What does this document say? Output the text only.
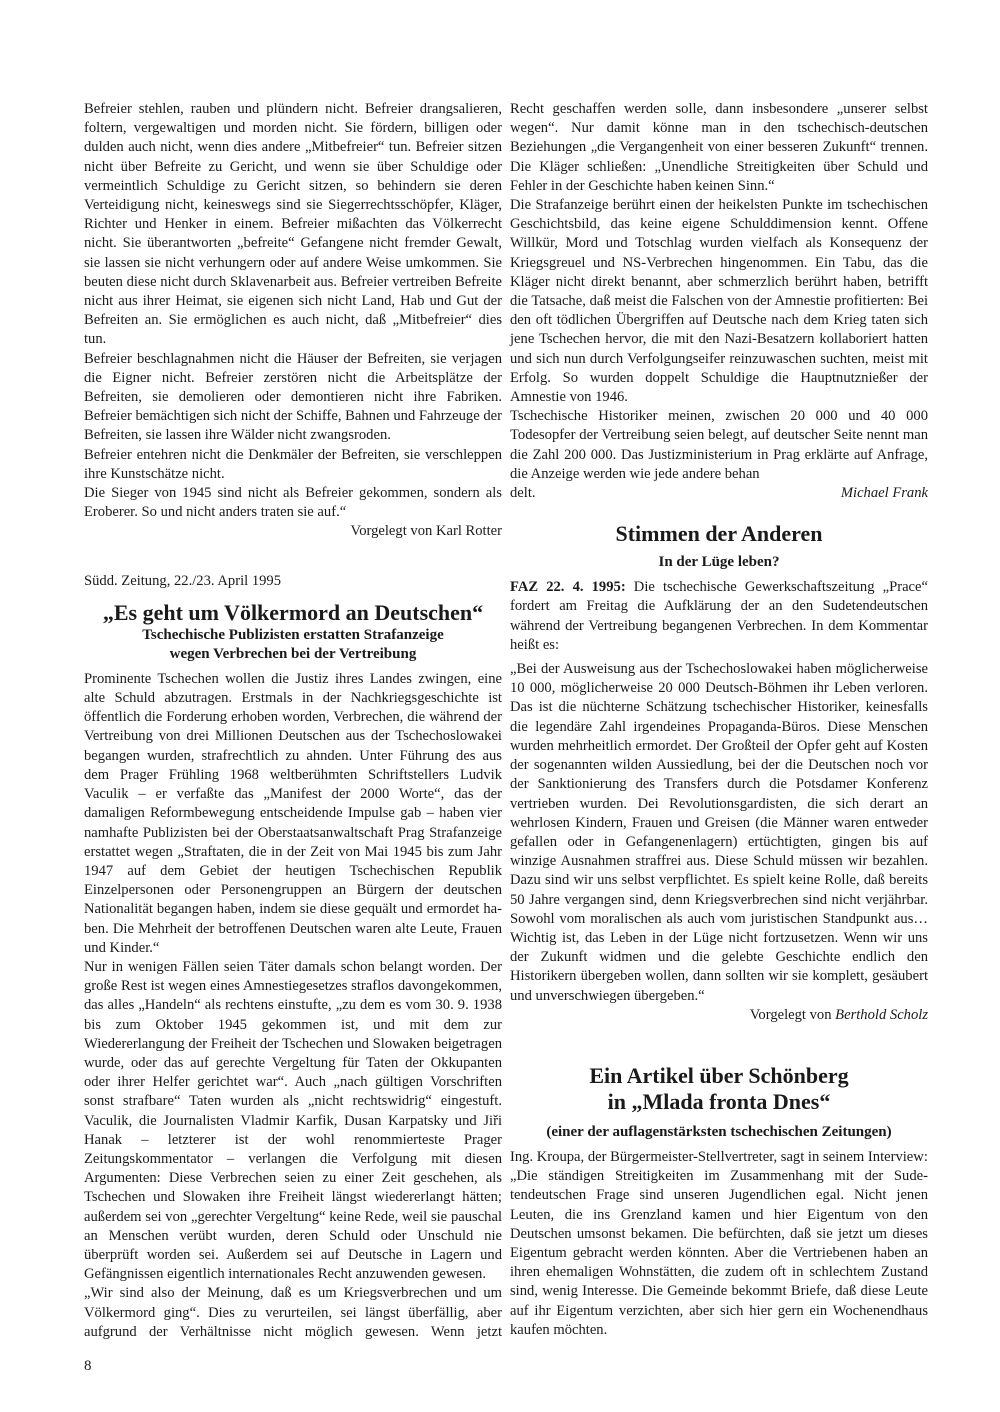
Befreier stehlen, rauben und plündern nicht. Befreier drangsalieren, foltern, vergewaltigen und morden nicht. Sie fördern, billigen oder dulden auch nicht, wenn dies andere „Mitbefreier“ tun. Befreier sitzen nicht über Befreite zu Gericht, und wenn sie über Schuldige oder vermeintlich Schuldige zu Gericht sitzen, so behindern sie deren Verteidigung nicht, keineswegs sind sie Siegerrechtsschöpfer, Kläger, Richter und Henker in einem. Befreier mißachten das Völkerrecht nicht. Sie überantworten „befreite“ Gefangene nicht fremder Gewalt, sie lassen sie nicht verhungern oder auf andere Weise umkommen. Sie beuten diese nicht durch Sklavenarbeit aus. Befreier vertreiben Befreite nicht aus ihrer Heimat, sie eigenen sich nicht Land, Hab und Gut der Befreiten an. Sie ermöglichen es auch nicht, daß „Mitbefreier“ dies tun.

Befreier beschlagnahmen nicht die Häuser der Befreiten, sie verjagen die Eigner nicht. Befreier zerstören nicht die Arbeitsplätze der Befreiten, sie demolieren oder demontieren nicht ihre Fabriken. Befreier bemächtigen sich nicht der Schiffe, Bahnen und Fahrzeuge der Befreiten, sie lassen ihre Wälder nicht zwangsroden.

Befreier entehren nicht die Denkmäler der Befreiten, sie verschleppen ihre Kunstschätze nicht.

Die Sieger von 1945 sind nicht als Befreier gekommen, sondern als Eroberer. So und nicht anders traten sie auf.“

Vorgelegt von Karl Rotter

Südd. Zeitung, 22./23. April 1995

„Es geht um Völkermord an Deutschen“
Tschechische Publizisten erstatten Strafanzeige
wegen Verbrechen bei der Vertreibung

Prominente Tschechen wollen die Justiz ihres Landes zwingen, eine alte Schuld abzutragen. Erstmals in der Nachkriegsgeschichte ist öffentlich die Forderung erhoben worden, Verbrechen, die während der Vertreibung von drei Millionen Deutschen aus der Tschechoslowakei begangen wurden, strafrechtlich zu ahnden. Unter Führung des aus dem Prager Frühling 1968 weltberühmten Schriftstellers Ludvik Vaculik – er verfaßte das „Manifest der 2000 Worte“, das der damaligen Reformbewegung entscheidende Impulse gab – haben vier namhafte Publizisten bei der Oberstaatsanwaltschaft Prag Strafanzeige erstattet wegen „Straftaten, die in der Zeit von Mai 1945 bis zum Jahr 1947 auf dem Gebiet der heutigen Tschechischen Republik Einzelpersonen oder Personengruppen an Bürgern der deutschen Nationalität begangen haben, indem sie diese gequält und ermordet haben. Die Mehrheit der betroffenen Deutschen waren alte Leute, Frauen und Kinder.“

Nur in wenigen Fällen seien Täter damals schon belangt worden. Der große Rest ist wegen eines Amnestiegesetzes straflos davongekommen, das alles „Handeln“ als rechtens einstufte, „zu dem es vom 30. 9. 1938 bis zum Oktober 1945 gekommen ist, und mit dem zur Wiedererlangung der Freiheit der Tschechen und Slowaken beigetragen wurde, oder das auf gerechte Vergeltung für Taten der Okkupanten oder ihrer Helfer gerichtet war“. Auch „nach gültigen Vorschriften sonst strafbare“ Taten wurden als „nicht rechtswidrig“ eingestuft. Vaculik, die Journalisten Vladmir Karfik, Dusan Karpatsky und Jiři Hanak – letzterer ist der wohl renommierteste Prager Zeitungskommentator – verlangen die Verfolgung mit diesen Argumenten: Diese Verbrechen seien zu einer Zeit geschehen, als Tschechen und Slowaken ihre Freiheit längst wiedererlangt hätten; außerdem sei von „gerechter Vergeltung“ keine Rede, weil sie pauschal an Menschen verübt wurden, deren Schuld oder Unschuld nie überprüft worden sei. Außerdem sei auf Deutsche in Lagern und Gefängnissen eigentlich internationales Recht anzuwenden gewesen.

„Wir sind also der Meinung, daß es um Kriegsverbrechen und um Völkermord ging“. Dies zu verurteilen, sei längst überfällig, aber aufgrund der Verhältnisse nicht möglich gewesen. Wenn jetzt

Recht geschaffen werden solle, dann insbesondere „unserer selbst wegen“. Nur damit könne man in den tschechisch-deutschen Beziehungen „die Vergangenheit von einer besseren Zukunft“ trennen. Die Kläger schließen: „Unendliche Streitigkeiten über Schuld und Fehler in der Geschichte haben keinen Sinn.“

Die Strafanzeige berührt einen der heikelsten Punkte im tschechischen Geschichtsbild, das keine eigene Schulddimension kennt. Offene Willkür, Mord und Totschlag wurden vielfach als Konsequenz der Kriegsgreuel und NS-Verbrechen hingenommen. Ein Tabu, das die Kläger nicht direkt benannt, aber schmerzlich berührt haben, betrifft die Tatsache, daß meist die Falschen von der Amnestie profitierten: Bei den oft tödlichen Übergriffen auf Deutsche nach dem Krieg taten sich jene Tschechen hervor, die mit den Nazi-Besatzern kollaboriert hatten und sich nun durch Verfolgungseifer reinzuwaschen suchten, meist mit Erfolg. So wurden doppelt Schuldige die Hauptnutznießer der Amnestie von 1946.

Tschechische Historiker meinen, zwischen 20 000 und 40 000 Todesopfer der Vertreibung seien belegt, auf deutscher Seite nennt man die Zahl 200 000. Das Justizministerium in Prag erklärte auf Anfrage, die Anzeige werden wie jede andere behan

delt.	Michael Frank
Stimmen der Anderen
In der Lüge leben?

FAZ 22. 4. 1995: Die tschechische Gewerkschaftszeitung „Prace“ fordert am Freitag die Aufklärung der an den Sudetendeutschen während der Vertreibung begangenen Verbrechen. In dem Kommentar heißt es:

„Bei der Ausweisung aus der Tschechoslowakei haben möglicherweise 10 000, möglicherweise 20 000 Deutsch-Böhmen ihr Leben verloren. Das ist die nüchterne Schätzung tschechischer Historiker, keinesfalls die legendäre Zahl irgendeines Propaganda-Büros. Diese Menschen wurden mehrheitlich ermordet. Der Großteil der Opfer geht auf Kosten der sogenannten wilden Aussiedlung, bei der die Deutschen noch vor der Sanktionierung des Transfers durch die Potsdamer Konferenz vertrieben wurden. Dei Revolutionsgardisten, die sich derart an wehrlosen Kindern, Frauen und Greisen (die Männer waren entweder gefallen oder in Gefangenenlagern) ertüchtigten, gingen bis auf winzige Ausnahmen straffrei aus. Diese Schuld müssen wir bezahlen. Dazu sind wir uns selbst verpflichtet. Es spielt keine Rolle, daß bereits 50 Jahre vergangen sind, denn Kriegsverbrechen sind nicht verjährbar. Sowohl vom moralischen als auch vom juristischen Standpunkt aus… Wichtig ist, das Leben in der Lüge nicht fortzusetzen. Wenn wir uns der Zukunft widmen und die gelebte Geschichte endlich den Historikern übergeben wollen, dann sollten wir sie komplett, gesäubert und unverschwiegen übergeben.“

Vorgelegt von Berthold Scholz

Ein Artikel über Schönberg
in „Mlada fronta Dnes“
(einer der auflagenstärksten tschechischen Zeitungen)

Ing. Kroupa, der Bürgermeister-Stellvertreter, sagt in seinem Interview:

„Die ständigen Streitigkeiten im Zusammenhang mit der Sudetendeutschen Frage sind unseren Jugendlichen egal. Nicht jenen Leuten, die ins Grenzland kamen und hier Eigentum von den Deutschen umsonst bekamen. Die befürchten, daß sie jetzt um dieses Eigentum gebracht werden könnten. Aber die Vertriebenen haben an ihren ehemaligen Wohnstätten, die zudem oft in schlechtem Zustand sind, wenig Interesse. Die Gemeinde bekommt Briefe, daß diese Leute auf ihr Eigentum verzichten, aber sich hier gern ein Wochenendhaus kaufen möchten.

8
